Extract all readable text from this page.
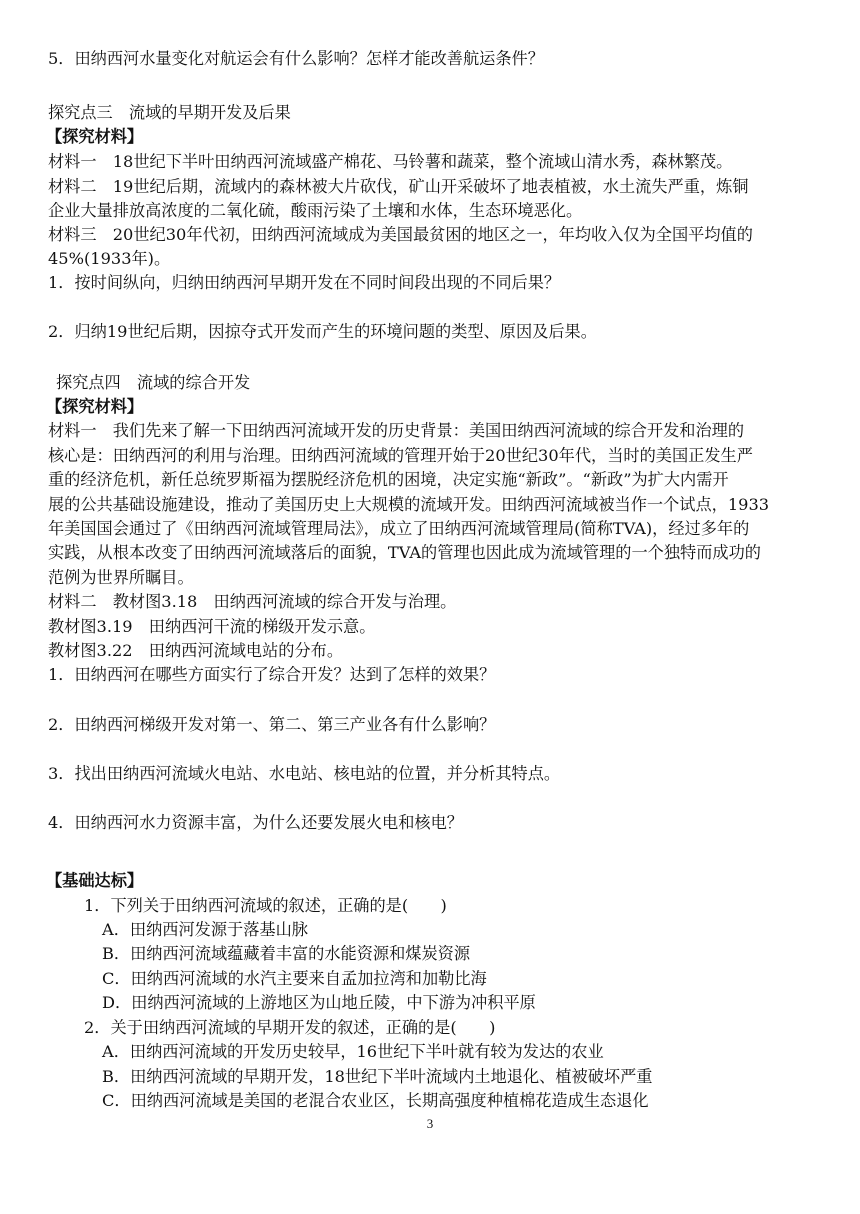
5．田纳西河水量变化对航运会有什么影响？怎样才能改善航运条件？
探究点三　流域的早期开发及后果
【探究材料】
材料一　18世纪下半叶田纳西河流域盛产棉花、马铃薯和蔬菜，整个流域山清水秀，森林繁茂。
材料二　19世纪后期，流域内的森林被大片砍伐，矿山开采破坏了地表植被，水土流失严重，炼铜
企业大量排放高浓度的二氧化硫，酸雨污染了土壤和水体，生态环境恶化。
材料三　20世纪30年代初，田纳西河流域成为美国最贫困的地区之一，年均收入仅为全国平均值的
45%(1933年)。
1．按时间纵向，归纳田纳西河早期开发在不同时间段出现的不同后果？
2．归纳19世纪后期，因掠夺式开发而产生的环境问题的类型、原因及后果。
探究点四　流域的综合开发
【探究材料】
材料一　我们先来了解一下田纳西河流域开发的历史背景：美国田纳西河流域的综合开发和治理的
核心是：田纳西河的利用与治理。田纳西河流域的管理开始于20世纪30年代，当时的美国正发生严
重的经济危机，新任总统罗斯福为摆脱经济危机的困境，决定实施“新政”。“新政”为扩大内需开
展的公共基础设施建设，推动了美国历史上大规模的流域开发。田纳西河流域被当作一个试点，1933
年美国国会通过了《田纳西河流域管理局法》，成立了田纳西河流域管理局(简称TVA)，经过多年的
实践，从根本改变了田纳西河流域落后的面貌，TVA的管理也因此成为流域管理的一个独特而成功的
范例为世界所瞩目。
材料二　教材图3.18　田纳西河流域的综合开发与治理。
教材图3.19　田纳西河干流的梯级开发示意。
教材图3.22　田纳西河流域电站的分布。
1．田纳西河在哪些方面实行了综合开发？达到了怎样的效果？
2．田纳西河梯级开发对第一、第二、第三产业各有什么影响？
3．找出田纳西河流域火电站、水电站、核电站的位置，并分析其特点。
4．田纳西河水力资源丰富，为什么还要发展火电和核电？
【基础达标】
1．下列关于田纳西河流域的叙述，正确的是(　　)
A．田纳西河发源于落基山脉
B．田纳西河流域蕴藏着丰富的水能资源和煤炭资源
C．田纳西河流域的水汽主要来自孟加拉湾和加勒比海
D．田纳西河流域的上游地区为山地丘陵，中下游为冲积平原
2．关于田纳西河流域的早期开发的叙述，正确的是(　　)
A．田纳西河流域的开发历史较早，16世纪下半叶就有较为发达的农业
B．田纳西河流域的早期开发，18世纪下半叶流域内土地退化、植被破坏严重
C．田纳西河流域是美国的老混合农业区，长期高强度种植棉花造成生态退化
3
